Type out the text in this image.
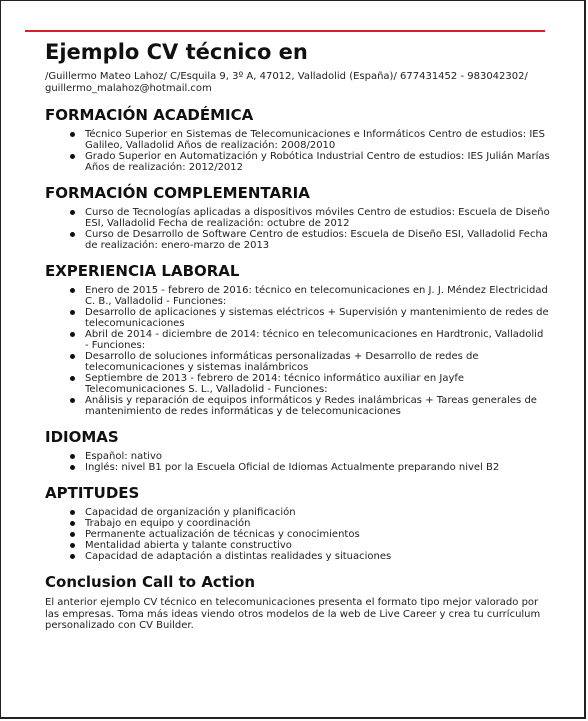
Ejemplo CV técnico en
/Guillermo Mateo Lahoz/ C/Esquila 9, 3º A, 47012, Valladolid (España)/ 677431452 - 983042302/ guillermo_malahoz@hotmail.com
FORMACIÓN ACADÉMICA
Técnico Superior en Sistemas de Telecomunicaciones e Informáticos Centro de estudios: IES Galileo, Valladolid Años de realización: 2008/2010
Grado Superior en Automatización y Robótica Industrial Centro de estudios: IES Julián Marías Años de realización: 2012/2012
FORMACIÓN COMPLEMENTARIA
Curso de Tecnologías aplicadas a dispositivos móviles Centro de estudios: Escuela de Diseño ESI, Valladolid Fecha de realización: octubre de 2012
Curso de Desarrollo de Software Centro de estudios: Escuela de Diseño ESI, Valladolid Fecha de realización: enero-marzo de 2013
EXPERIENCIA LABORAL
Enero de 2015 - febrero de 2016: técnico en telecomunicaciones en J. J. Méndez Electricidad C. B., Valladolid - Funciones:
Desarrollo de aplicaciones y sistemas eléctricos + Supervisión y mantenimiento de redes de telecomunicaciones
Abril de 2014 - diciembre de 2014: técnico en telecomunicaciones en Hardtronic, Valladolid - Funciones:
Desarrollo de soluciones informáticas personalizadas + Desarrollo de redes de telecomunicaciones y sistemas inalámbricos
Septiembre de 2013 - febrero de 2014: técnico informático auxiliar en Jayfe Telecomunicaciones S. L., Valladolid - Funciones:
Análisis y reparación de equipos informáticos y Redes inalámbricas + Tareas generales de mantenimiento de redes informáticas y de telecomunicaciones
IDIOMAS
Español: nativo
Inglés: nivel B1 por la Escuela Oficial de Idiomas Actualmente preparando nivel B2
APTITUDES
Capacidad de organización y planificación
Trabajo en equipo y coordinación
Permanente actualización de técnicas y conocimientos
Mentalidad abierta y talante constructivo
Capacidad de adaptación a distintas realidades y situaciones
Conclusion Call to Action
El anterior ejemplo CV técnico en telecomunicaciones presenta el formato tipo mejor valorado por las empresas. Toma más ideas viendo otros modelos de la web de Live Career y crea tu currículum personalizado con CV Builder.
